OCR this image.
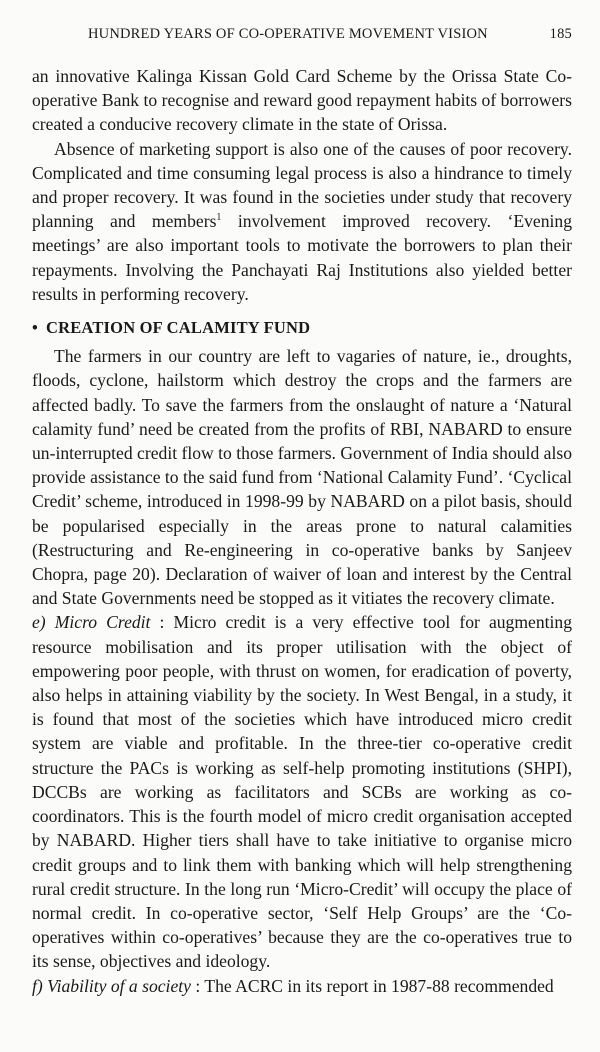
HUNDRED YEARS OF CO-OPERATIVE MOVEMENT VISION	185

an innovative Kalinga Kissan Gold Card Scheme by the Orissa State Co-operative Bank to recognise and reward good repayment habits of borrowers created a conducive recovery climate in the state of Orissa.

Absence of marketing support is also one of the causes of poor recovery. Complicated and time consuming legal process is also a hindrance to timely and proper recovery. It was found in the societies under study that recovery planning and members$^1$ involvement improved recovery. ‘Evening meetings’ are also important tools to motivate the borrowers to plan their repayments. Involving the Panchayati Raj Institutions also yielded better results in performing recovery.

• CREATION OF CALAMITY FUND

The farmers in our country are left to vagaries of nature, ie., droughts, floods, cyclone, hailstorm which destroy the crops and the farmers are affected badly. To save the farmers from the onslaught of nature a ‘Natural calamity fund’ need be created from the profits of RBI, NABARD to ensure un-interrupted credit flow to those farmers. Government of India should also provide assistance to the said fund from ‘National Calamity Fund’. ‘Cyclical Credit’ scheme, introduced in 1998-99 by NABARD on a pilot basis, should be popularised especially in the areas prone to natural calamities (Restructuring and Re-engineering in co-operative banks by Sanjeev Chopra, page 20). Declaration of waiver of loan and interest by the Central and State Governments need be stopped as it vitiates the recovery climate.

e) Micro Credit : Micro credit is a very effective tool for augmenting resource mobilisation and its proper utilisation with the object of empowering poor people, with thrust on women, for eradication of poverty, also helps in attaining viability by the society. In West Bengal, in a study, it is found that most of the societies which have introduced micro credit system are viable and profitable. In the three-tier co-operative credit structure the PACs is working as self-help promoting institutions (SHPI), DCCBs are working as facilitators and SCBs are working as co-coordinators. This is the fourth model of micro credit organisation accepted by NABARD. Higher tiers shall have to take initiative to organise micro credit groups and to link them with banking which will help strengthening rural credit structure. In the long run ‘Micro-Credit’ will occupy the place of normal credit. In co-operative sector, ‘Self Help Groups’ are the ‘Co-operatives within co-operatives’ because they are the co-operatives true to its sense, objectives and ideology.

f) Viability of a society : The ACRC in its report in 1987-88 recommended
